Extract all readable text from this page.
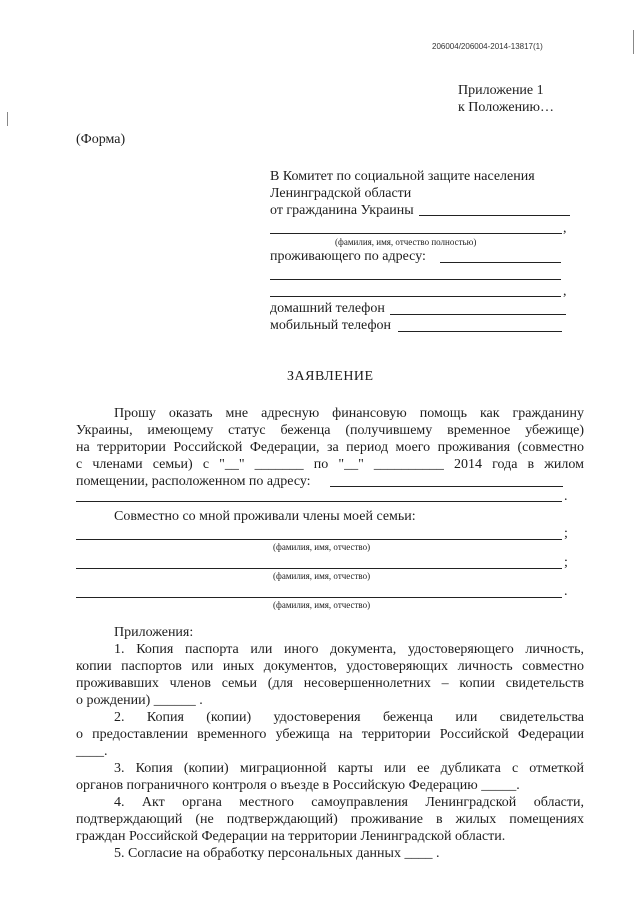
206004/206004-2014-13817(1)
Приложение 1
к Положению…
(Форма)
В Комитет по социальной защите населения
Ленинградской области
от гражданина Украины
,
(фамилия, имя, отчество полностью)
проживающего по адресу:
,
домашний телефон
мобильный телефон
ЗАЯВЛЕНИЕ
Прошу оказать мне адресную финансовую помощь как гражданину
Украины, имеющему статус беженца (получившему временное убежище)
на территории Российской Федерации, за период моего проживания (совместно
с членами семьи) с "__" _______ по "__" __________ 2014 года в жилом
помещении, расположенном по адресу:
.
Совместно со мной проживали члены моей семьи:
;
(фамилия, имя, отчество)
;
(фамилия, имя, отчество)
.
(фамилия, имя, отчество)
Приложения:
1. Копия паспорта или иного документа, удостоверяющего личность,
копии паспортов или иных документов, удостоверяющих личность совместно
проживавших членов семьи (для несовершеннолетних – копии свидетельств
о рождении) ______ .
2. Копия (копии) удостоверения беженца или свидетельства
о предоставлении временного убежища на территории Российской Федерации
____.
3. Копия (копии) миграционной карты или ее дубликата с отметкой
органов пограничного контроля о въезде в Российскую Федерацию _____.
4. Акт органа местного самоуправления Ленинградской области,
подтверждающий (не подтверждающий) проживание в жилых помещениях
граждан Российской Федерации на территории Ленинградской области.
5. Согласие на обработку персональных данных ____ .
